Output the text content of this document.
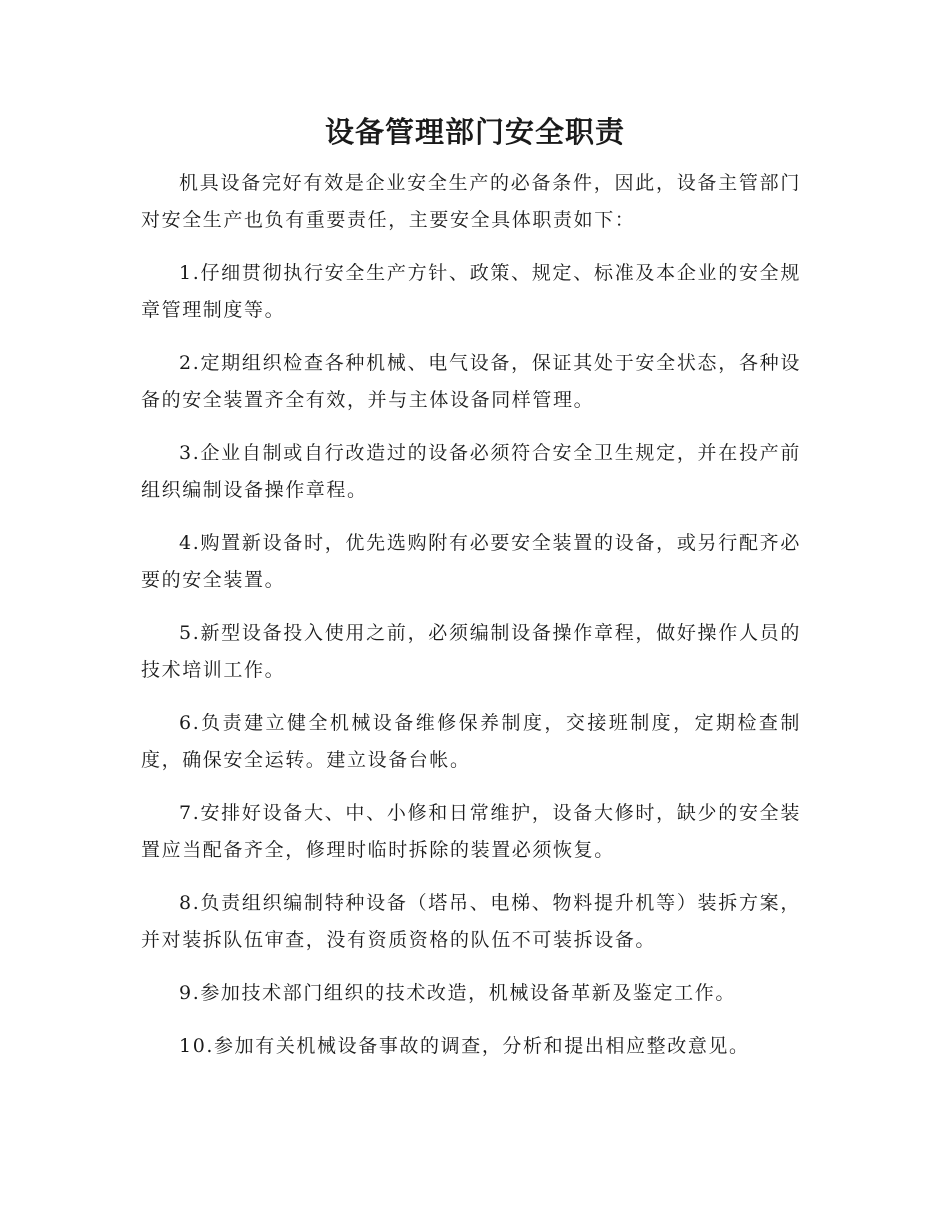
设备管理部门安全职责

机具设备完好有效是企业安全生产的必备条件，因此，设备主管部门对安全生产也负有重要责任，主要安全具体职责如下：

1.仔细贯彻执行安全生产方针、政策、规定、标准及本企业的安全规章管理制度等。

2.定期组织检查各种机械、电气设备，保证其处于安全状态，各种设备的安全装置齐全有效，并与主体设备同样管理。

3.企业自制或自行改造过的设备必须符合安全卫生规定，并在投产前组织编制设备操作章程。

4.购置新设备时，优先选购附有必要安全装置的设备，或另行配齐必要的安全装置。

5.新型设备投入使用之前，必须编制设备操作章程，做好操作人员的技术培训工作。

6.负责建立健全机械设备维修保养制度，交接班制度，定期检查制度，确保安全运转。建立设备台帐。

7.安排好设备大、中、小修和日常维护，设备大修时，缺少的安全装置应当配备齐全，修理时临时拆除的装置必须恢复。

8.负责组织编制特种设备（塔吊、电梯、物料提升机等）装拆方案，并对装拆队伍审查，没有资质资格的队伍不可装拆设备。

9.参加技术部门组织的技术改造，机械设备革新及鉴定工作。

10.参加有关机械设备事故的调查，分析和提出相应整改意见。
